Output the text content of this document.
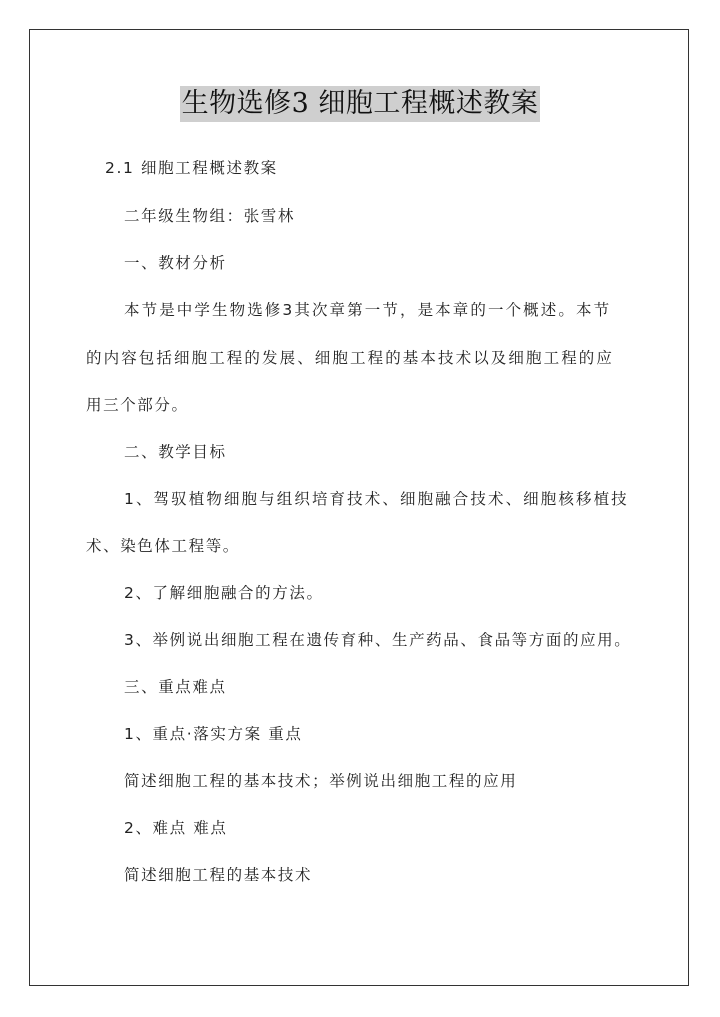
生物选修3 细胞工程概述教案
2.1 细胞工程概述教案
二年级生物组：张雪林
一、教材分析
本节是中学生物选修3其次章第一节，是本章的一个概述。本节
的内容包括细胞工程的发展、细胞工程的基本技术以及细胞工程的应
用三个部分。
二、教学目标
1、驾驭植物细胞与组织培育技术、细胞融合技术、细胞核移植技
术、染色体工程等。
2、了解细胞融合的方法。
3、举例说出细胞工程在遗传育种、生产药品、食品等方面的应用。
三、重点难点
1、重点·落实方案 重点
简述细胞工程的基本技术；举例说出细胞工程的应用
2、难点 难点
简述细胞工程的基本技术
